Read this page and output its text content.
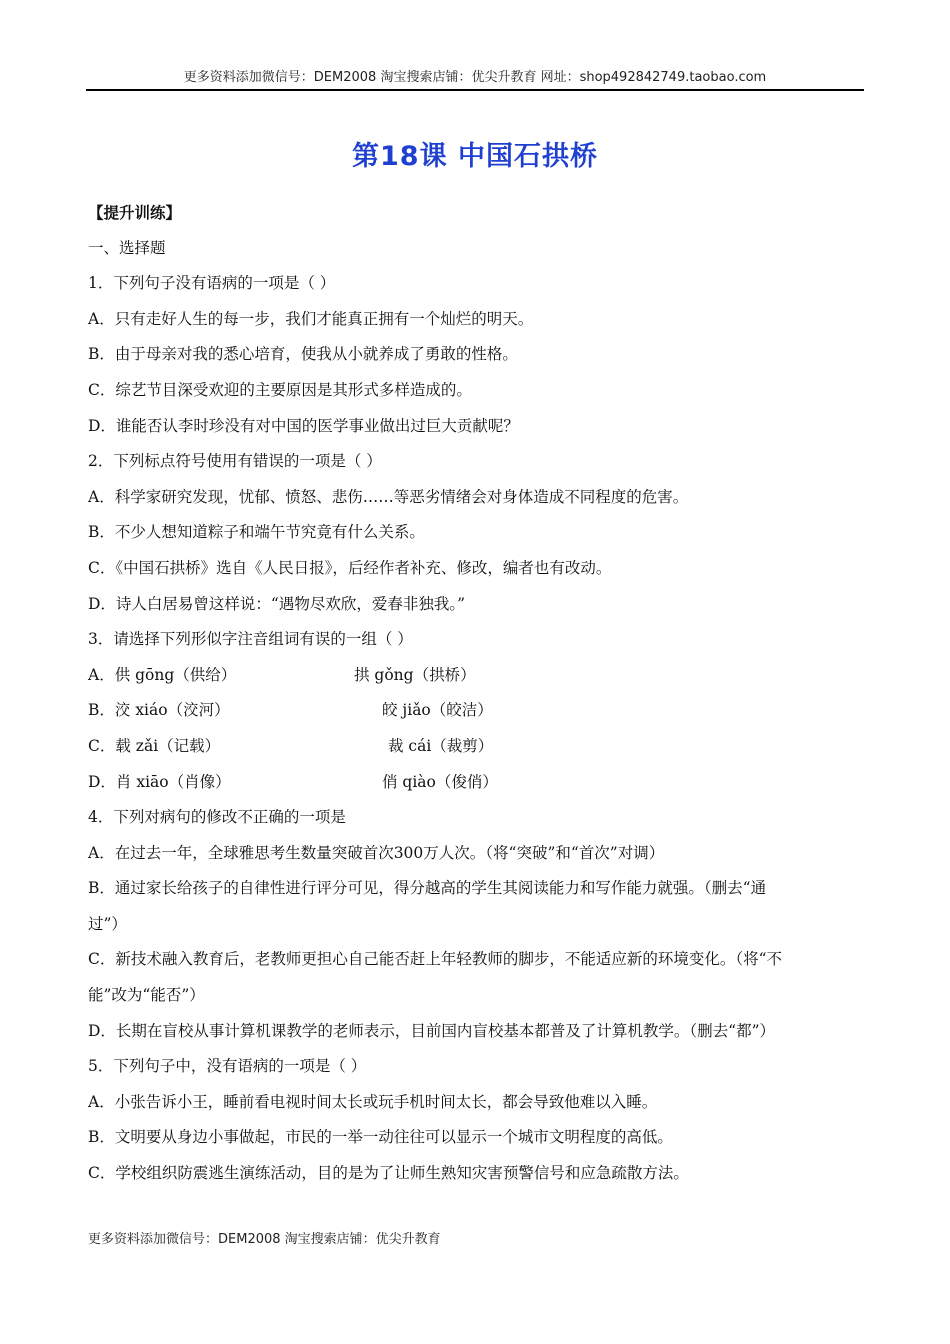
更多资料添加微信号：DEM2008 淘宝搜索店铺：优尖升教育 网址：shop492842749.taobao.com
第18课 中国石拱桥
【提升训练】
一、选择题
1．下列句子没有语病的一项是（ ）
A．只有走好人生的每一步，我们才能真正拥有一个灿烂的明天。
B．由于母亲对我的悉心培育，使我从小就养成了勇敢的性格。
C．综艺节目深受欢迎的主要原因是其形式多样造成的。
D．谁能否认李时珍没有对中国的医学事业做出过巨大贡献呢？
2．下列标点符号使用有错误的一项是（ ）
A．科学家研究发现，忧郁、愤怒、悲伤……等恶劣情绪会对身体造成不同程度的危害。
B．不少人想知道粽子和端午节究竟有什么关系。
C．《中国石拱桥》选自《人民日报》，后经作者补充、修改，编者也有改动。
D．诗人白居易曾这样说：“遇物尽欢欣，爱春非独我。”
3．请选择下列形似字注音组词有误的一组（ ）
A．供 gōng（供给）	拱 gǒng（拱桥）
B．洨 xiáo（洨河）	皎 jiǎo（皎洁）
C．载 zǎi（记载）	裁 cái（裁剪）
D．肖 xiāo（肖像）	俏 qiào（俊俏）
4．下列对病句的修改不正确的一项是
A．在过去一年，全球雅思考生数量突破首次300万人次。（将“突破”和“首次”对调）
B．通过家长给孩子的自律性进行评分可见，得分越高的学生其阅读能力和写作能力就强。（删去“通
过”）
C．新技术融入教育后，老教师更担心自己能否赶上年轻教师的脚步，不能适应新的环境变化。（将“不
能”改为“能否”）
D．长期在盲校从事计算机课教学的老师表示，目前国内盲校基本都普及了计算机教学。（删去“都”）
5．下列句子中，没有语病的一项是（ ）
A．小张告诉小王，睡前看电视时间太长或玩手机时间太长，都会导致他难以入睡。
B．文明要从身边小事做起，市民的一举一动往往可以显示一个城市文明程度的高低。
C．学校组织防震逃生演练活动，目的是为了让师生熟知灾害预警信号和应急疏散方法。
更多资料添加微信号：DEM2008 淘宝搜索店铺：优尖升教育
